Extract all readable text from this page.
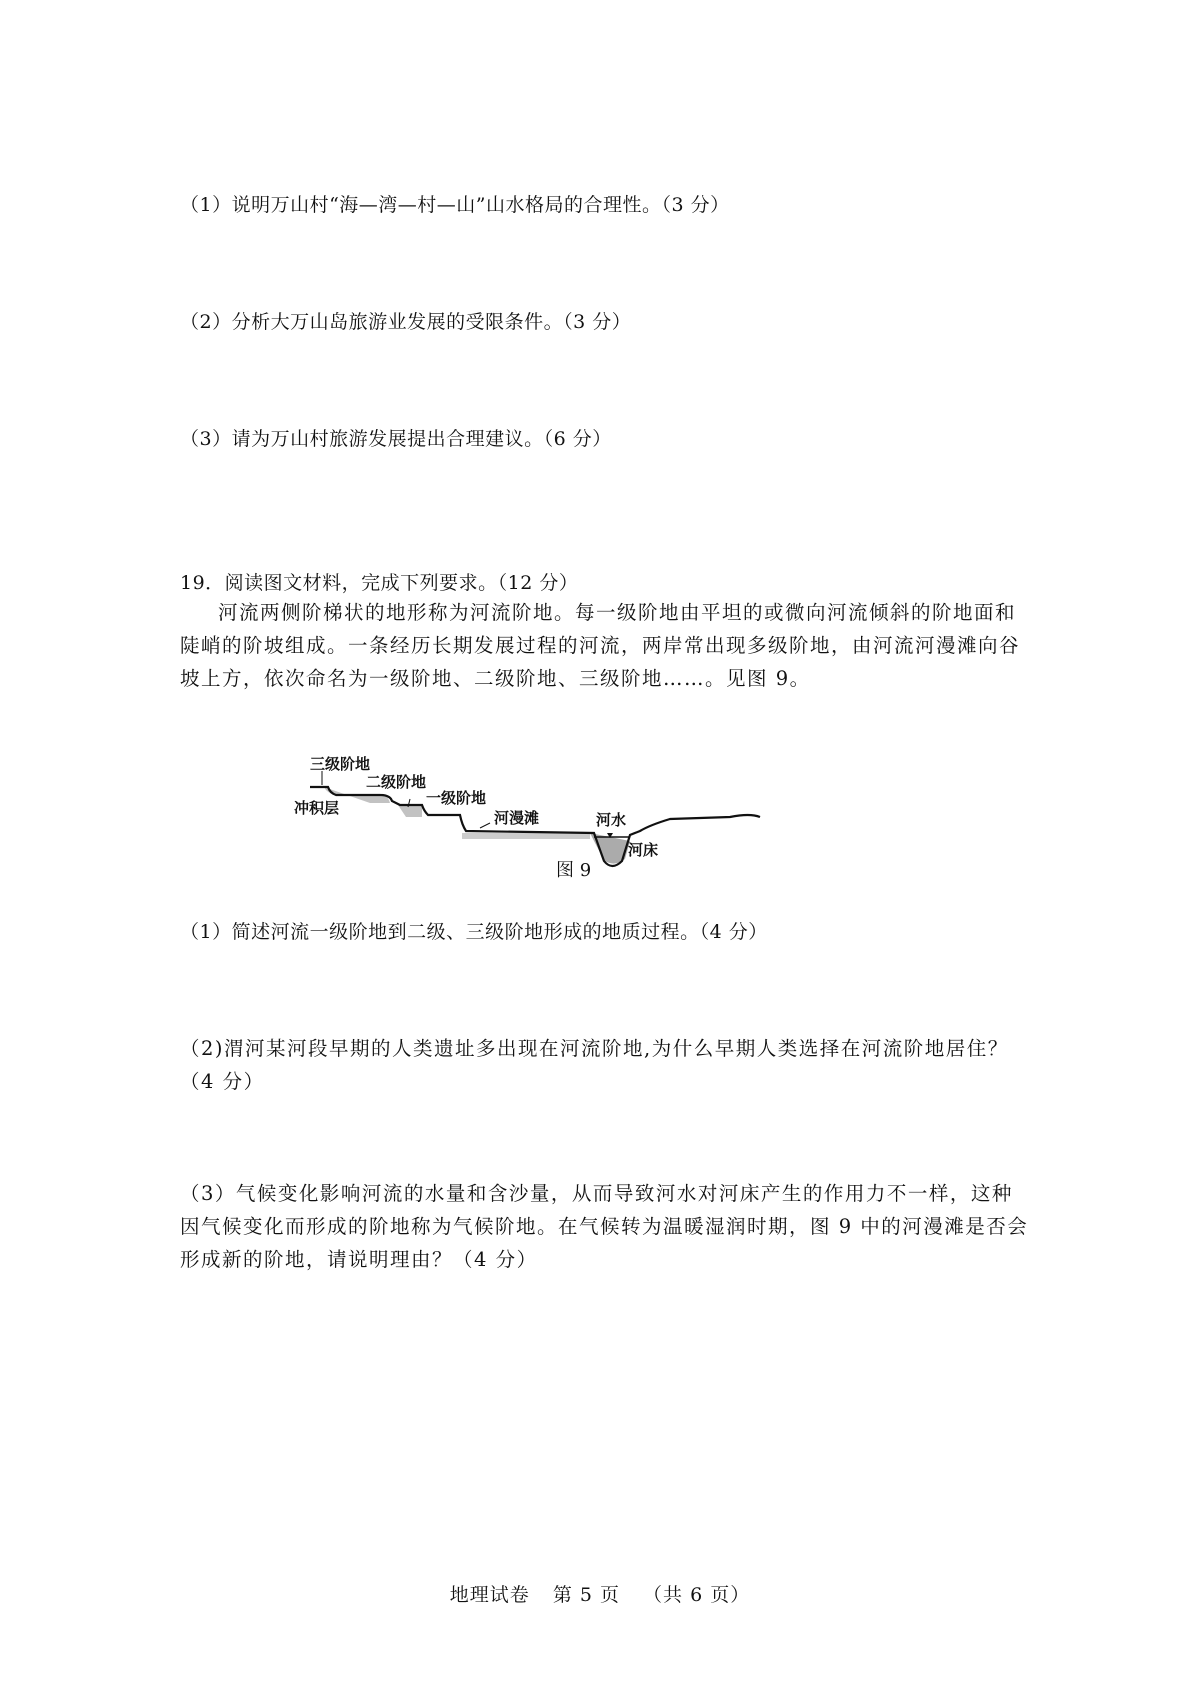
（1）说明万山村“海—湾—村—山”山水格局的合理性。（3 分）
（2）分析大万山岛旅游业发展的受限条件。（3 分）
（3）请为万山村旅游发展提出合理建议。（6 分）
19．阅读图文材料，完成下列要求。（12 分）
河流两侧阶梯状的地形称为河流阶地。每一级阶地由平坦的或微向河流倾斜的阶地面和
陡峭的阶坡组成。一条经历长期发展过程的河流，两岸常出现多级阶地，由河流河漫滩向谷
坡上方，依次命名为一级阶地、二级阶地、三级阶地……。见图 9。
三级阶地
二级阶地
一级阶地
冲积层
河漫滩	河水
河床
图 9
（1）简述河流一级阶地到二级、三级阶地形成的地质过程。（4 分）
（2)渭河某河段早期的人类遗址多出现在河流阶地,为什么早期人类选择在河流阶地居住？
（4 分）
（3）气候变化影响河流的水量和含沙量，从而导致河水对河床产生的作用力不一样，这种
因气候变化而形成的阶地称为气候阶地。在气候转为温暖湿润时期，图 9 中的河漫滩是否会
形成新的阶地，请说明理由？（4 分）
地理试卷 第 5 页 （共 6 页）
